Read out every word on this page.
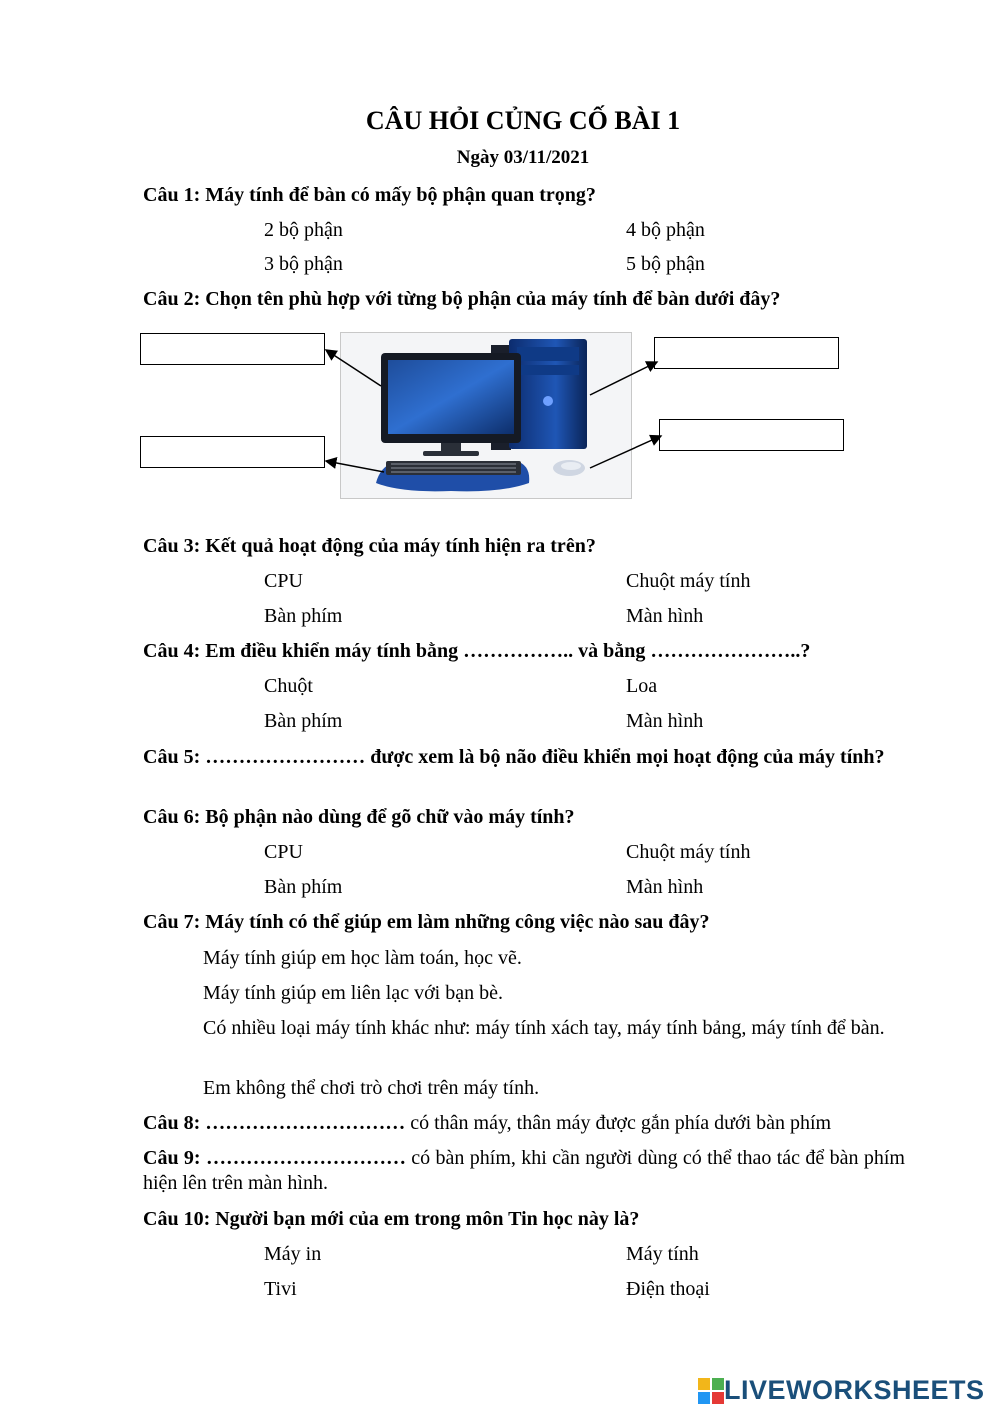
CÂU HỎI CỦNG CỐ BÀI 1
Ngày 03/11/2021
Câu 1: Máy tính để bàn có mấy bộ phận quan trọng?
2 bộ phận	4 bộ phận
3 bộ phận	5 bộ phận
Câu 2: Chọn tên phù hợp với từng bộ phận của máy tính để bàn dưới đây?
Câu 3: Kết quả hoạt động của máy tính hiện ra trên?
CPU	Chuột máy tính
Bàn phím	Màn hình
Câu 4: Em điều khiển máy tính bằng …………….. và bằng …………………..?
Chuột	Loa
Bàn phím	Màn hình
Câu 5: …………………… được xem là bộ não điều khiển mọi hoạt động của máy tính?
Câu 6: Bộ phận nào dùng để gõ chữ vào máy tính?
CPU	Chuột máy tính
Bàn phím	Màn hình
Câu 7: Máy tính có thể giúp em làm những công việc nào sau đây?
Máy tính giúp em học làm toán, học vẽ.
Máy tính giúp em liên lạc với bạn bè.
Có nhiều loại máy tính khác như: máy tính xách tay, máy tính bảng, máy tính để bàn.
Em không thể chơi trò chơi trên máy tính.
Câu 8: ………………………… có thân máy, thân máy được gắn phía dưới bàn phím
Câu 9: ………………………… có bàn phím, khi cần người dùng có thể thao tác để bàn phím hiện lên trên màn hình.
Câu 10: Người bạn mới của em trong môn Tin học này là?
Máy in	Máy tính
Tivi	Điện thoại
LIVEWORKSHEETS
